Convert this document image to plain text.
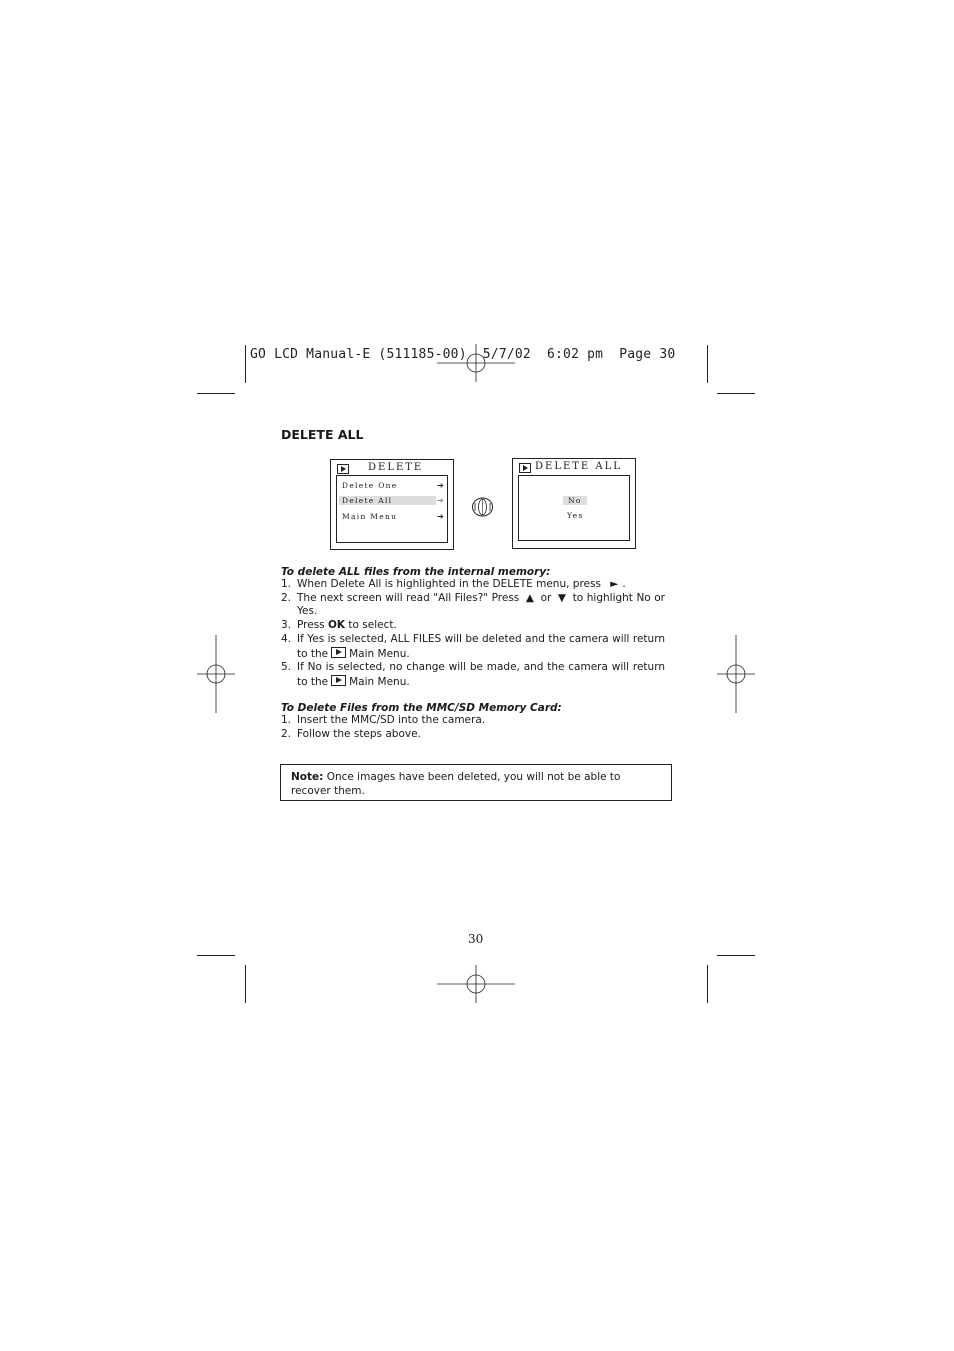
GO LCD Manual-E (511185-00)  5/7/02  6:02 pm  Page 30
DELETE ALL
DELETE
Delete One	➔
Delete All	➔
Main Menu	➔
DELETE ALL
No
Yes
To delete ALL files from the internal memory:
1. When Delete All is highlighted in the DELETE menu, press ► .
2. The next screen will read "All Files?" Press ▲ or ▼ to highlight No or Yes.
3. Press OK to select.
4. If Yes is selected, ALL FILES will be deleted and the camera will return to the Main Menu.
5. If No is selected, no change will be made, and the camera will return to the Main Menu.
To Delete Files from the MMC/SD Memory Card:
1. Insert the MMC/SD into the camera.
2. Follow the steps above.
Note: Once images have been deleted, you will not be able to recover them.
30
